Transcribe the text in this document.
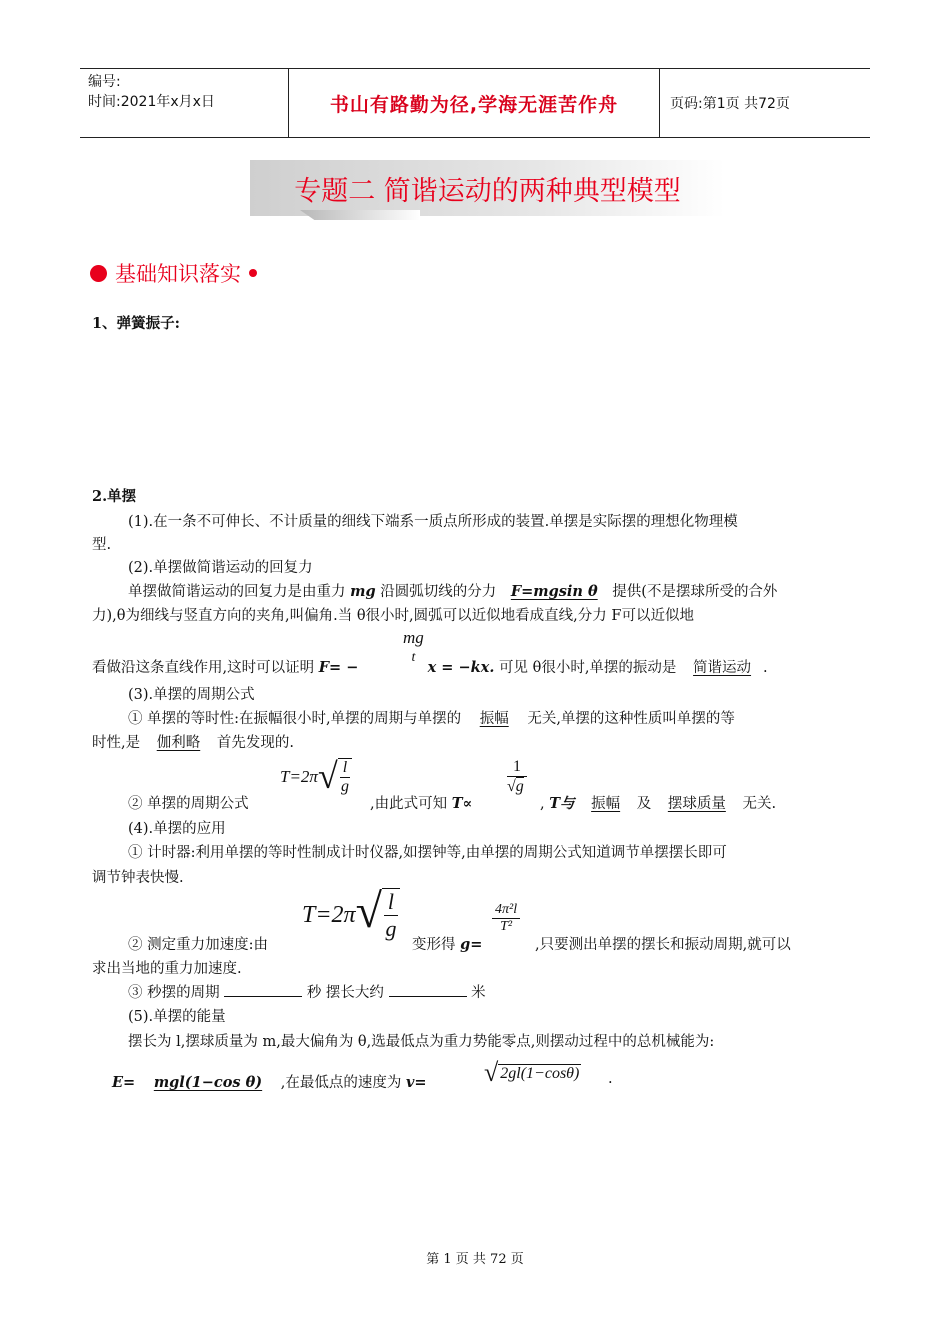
编号:
时间:2021年x月x日	书山有路勤为径,学海无涯苦作舟	页码:第1页 共72页
专题二 简谐运动的两种典型模型
基础知识落实
1、弹簧振子:
2.单摆
(1).在一条不可伸长、不计质量的细线下端系一质点所形成的装置.单摆是实际摆的理想化物理模
型.
(2).单摆做简谐运动的回复力
单摆做简谐运动的回复力是由重力 mg 沿圆弧切线的分力 F=mgsin θ 提供(不是摆球所受的合外
力),θ为细线与竖直方向的夹角,叫偏角.当 θ很小时,圆弧可以近似地看成直线,分力 F可以近似地
看做沿这条直线作用,这时可以证明 F= −	x = −kx. 可见 θ很小时,单摆的振动是 简谐运动 .
mg
t
(3).单摆的周期公式
① 单摆的等时性:在振幅很小时,单摆的周期与单摆的 振幅 无关,单摆的这种性质叫单摆的等
时性,是 伽利略 首先发现的.
② 单摆的周期公式
T=2π √ l
g
,由此式可知 T∝
1
√ g
, T与 振幅 及 摆球质量 无关.
(4).单摆的应用
① 计时器:利用单摆的等时性制成计时仪器,如摆钟等,由单摆的周期公式知道调节单摆摆长即可
调节钟表快慢.
② 测定重力加速度:由
T=2π √ l
g
变形得 g=
$\frac{\text{4π²l}}{\text{T²}}$
,只要测出单摆的摆长和振动周期,就可以
求出当地的重力加速度.
③ 秒摆的周期	秒 摆长大约	米
(5).单摆的能量
摆长为 l,摆球质量为 m,最大偏角为 θ,选最低点为重力势能零点,则摆动过程中的总机械能为:
E= mgl(1−cos θ) ,在最低点的速度为 v= √ 2gl(1−cosθ) .
第 1 页 共 72 页
